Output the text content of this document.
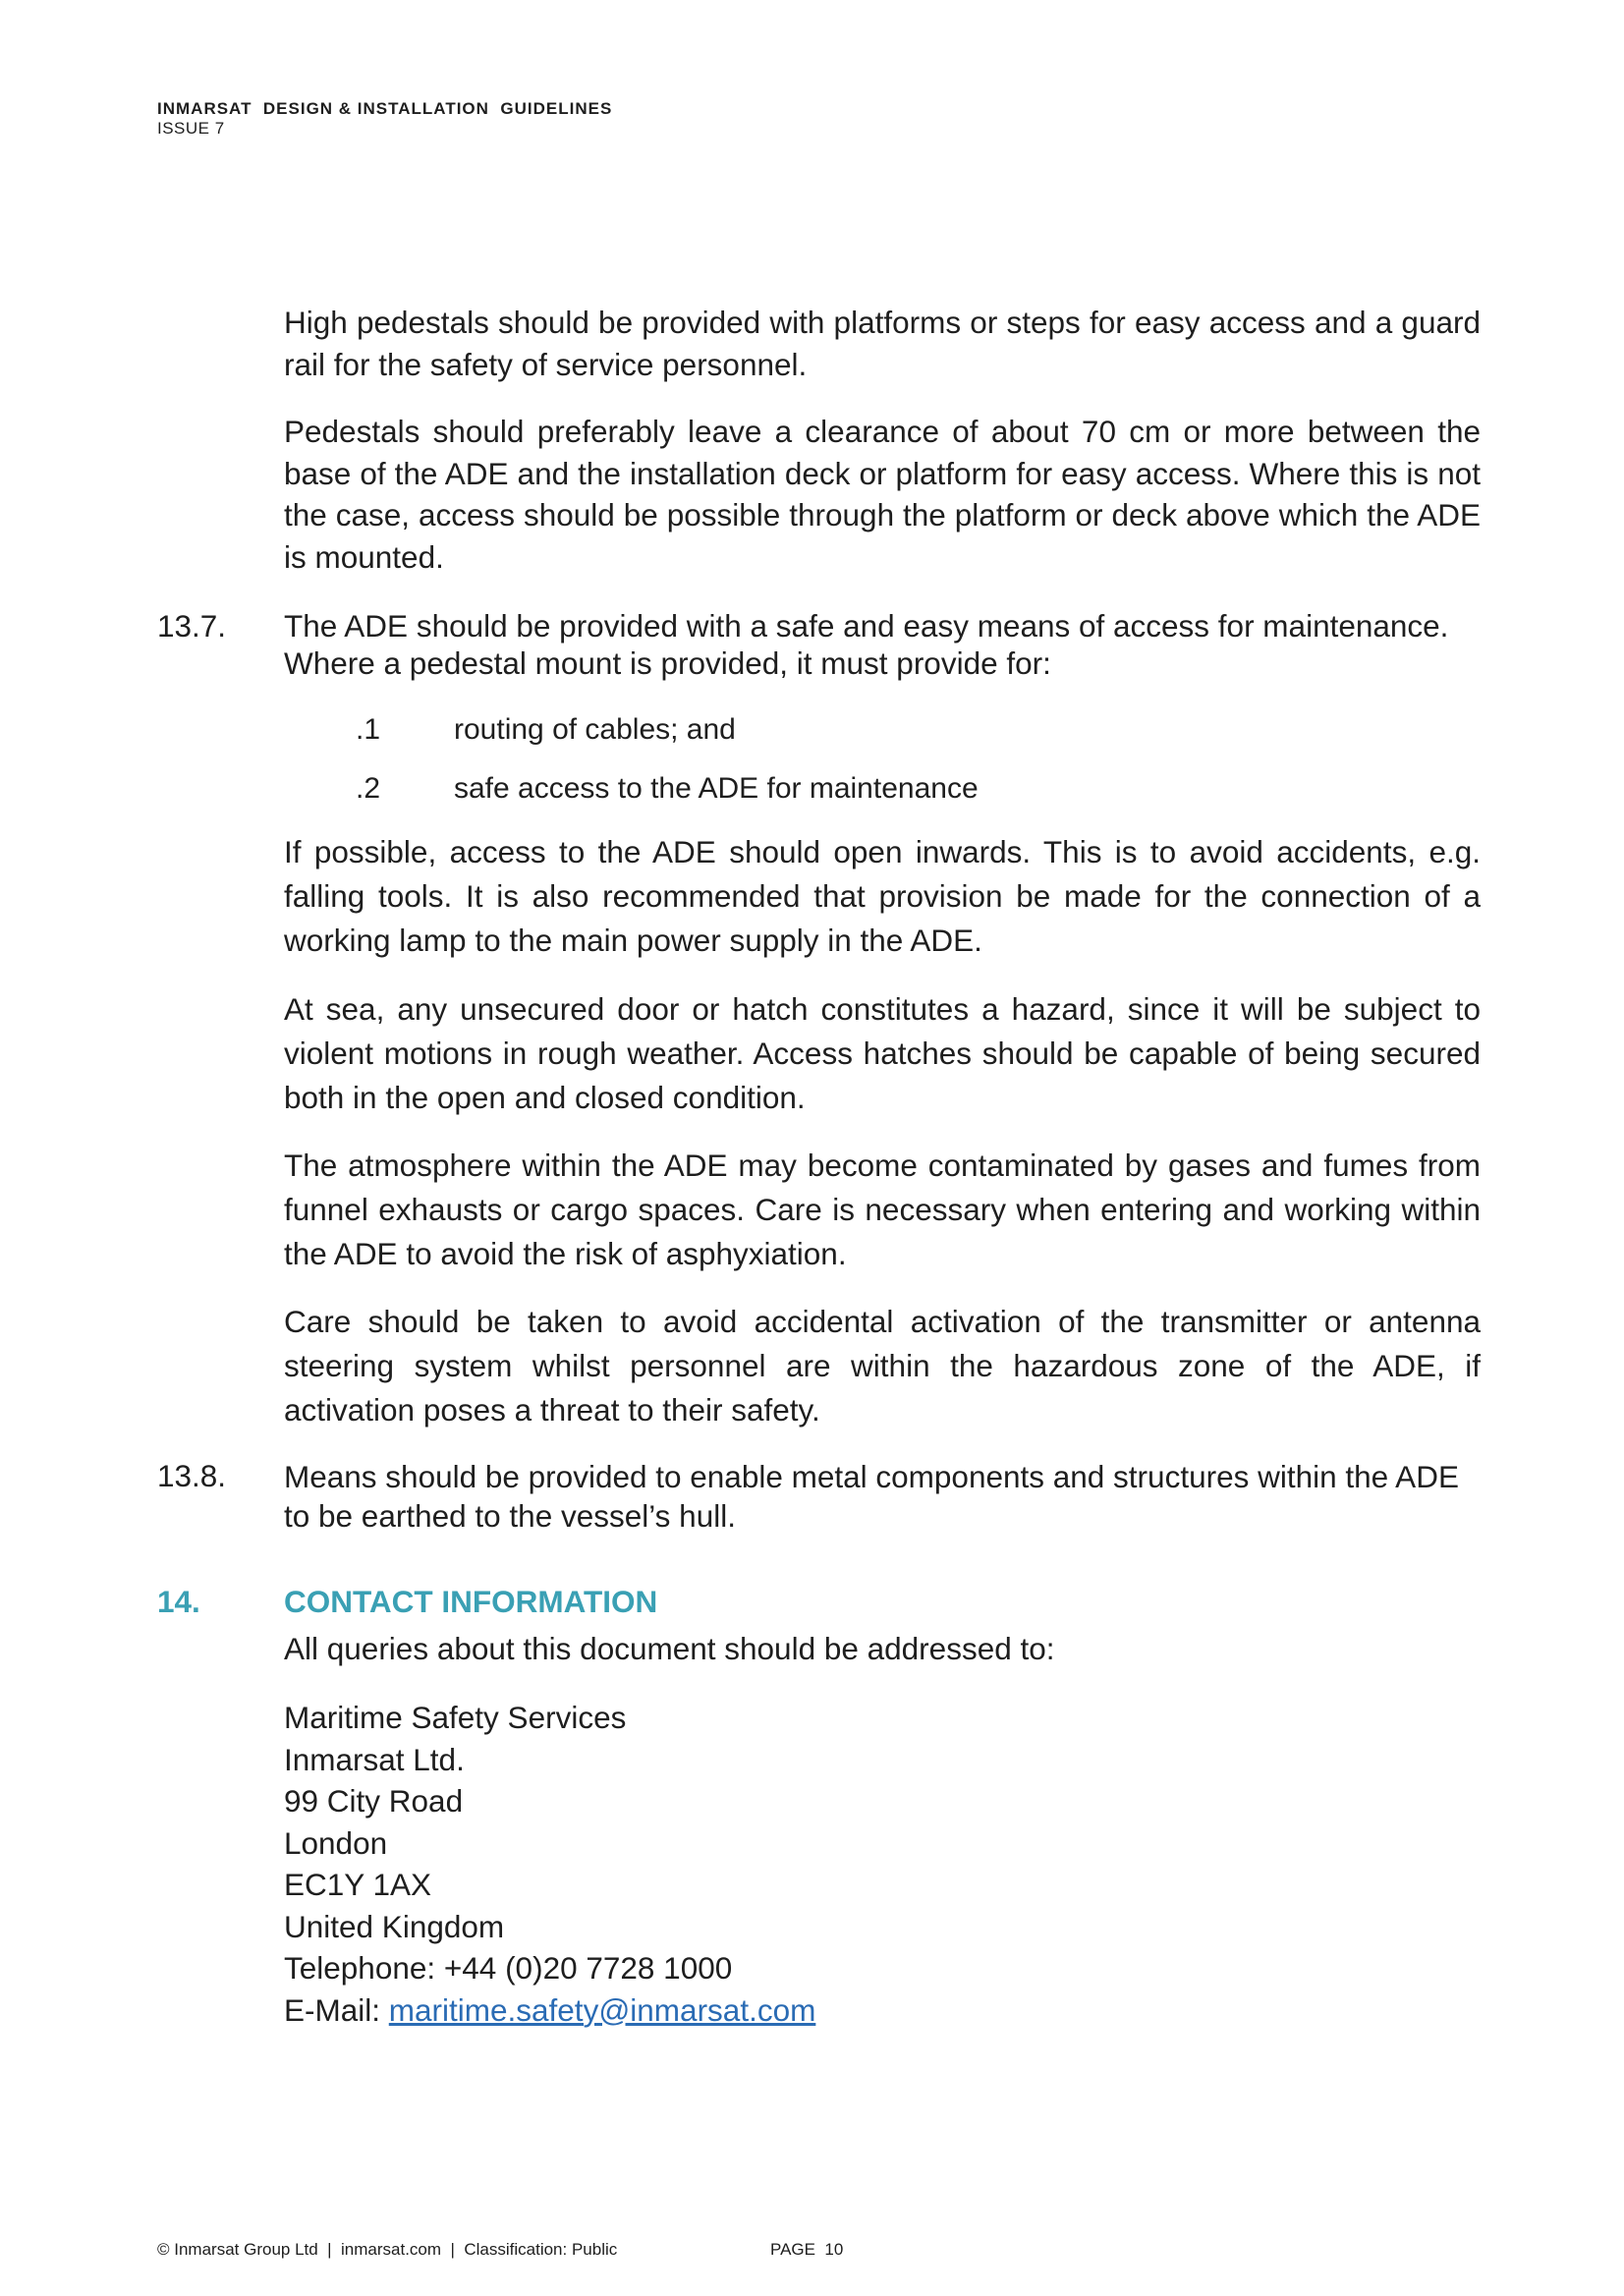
INMARSAT  DESIGN & INSTALLATION  GUIDELINES
ISSUE 7
High pedestals should be provided with platforms or steps for easy access and a guard rail for the safety of service personnel.
Pedestals should preferably leave a clearance of about 70 cm or more between the base of the ADE and the installation deck or platform for easy access. Where this is not the case, access should be possible through the platform or deck above which the ADE is mounted.
13.7. The ADE should be provided with a safe and easy means of access for maintenance. Where a pedestal mount is provided, it must provide for:
.1 routing of cables; and
.2 safe access to the ADE for maintenance
If possible, access to the ADE should open inwards. This is to avoid accidents, e.g. falling tools. It is also recommended that provision be made for the connection of a working lamp to the main power supply in the ADE.
At sea, any unsecured door or hatch constitutes a hazard, since it will be subject to violent motions in rough weather. Access hatches should be capable of being secured both in the open and closed condition.
The atmosphere within the ADE may become contaminated by gases and fumes from funnel exhausts or cargo spaces. Care is necessary when entering and working within the ADE to avoid the risk of asphyxiation.
Care should be taken to avoid accidental activation of the transmitter or antenna steering system whilst personnel are within the hazardous zone of the ADE, if activation poses a threat to their safety.
13.8. Means should be provided to enable metal components and structures within the ADE to be earthed to the vessel’s hull.
14.	CONTACT INFORMATION
All queries about this document should be addressed to:
Maritime Safety Services
Inmarsat Ltd.
99 City Road
London
EC1Y 1AX
United Kingdom
Telephone: +44 (0)20 7728 1000
E-Mail: maritime.safety@inmarsat.com
© Inmarsat Group Ltd  |  inmarsat.com  |  Classification: Public	PAGE  10
